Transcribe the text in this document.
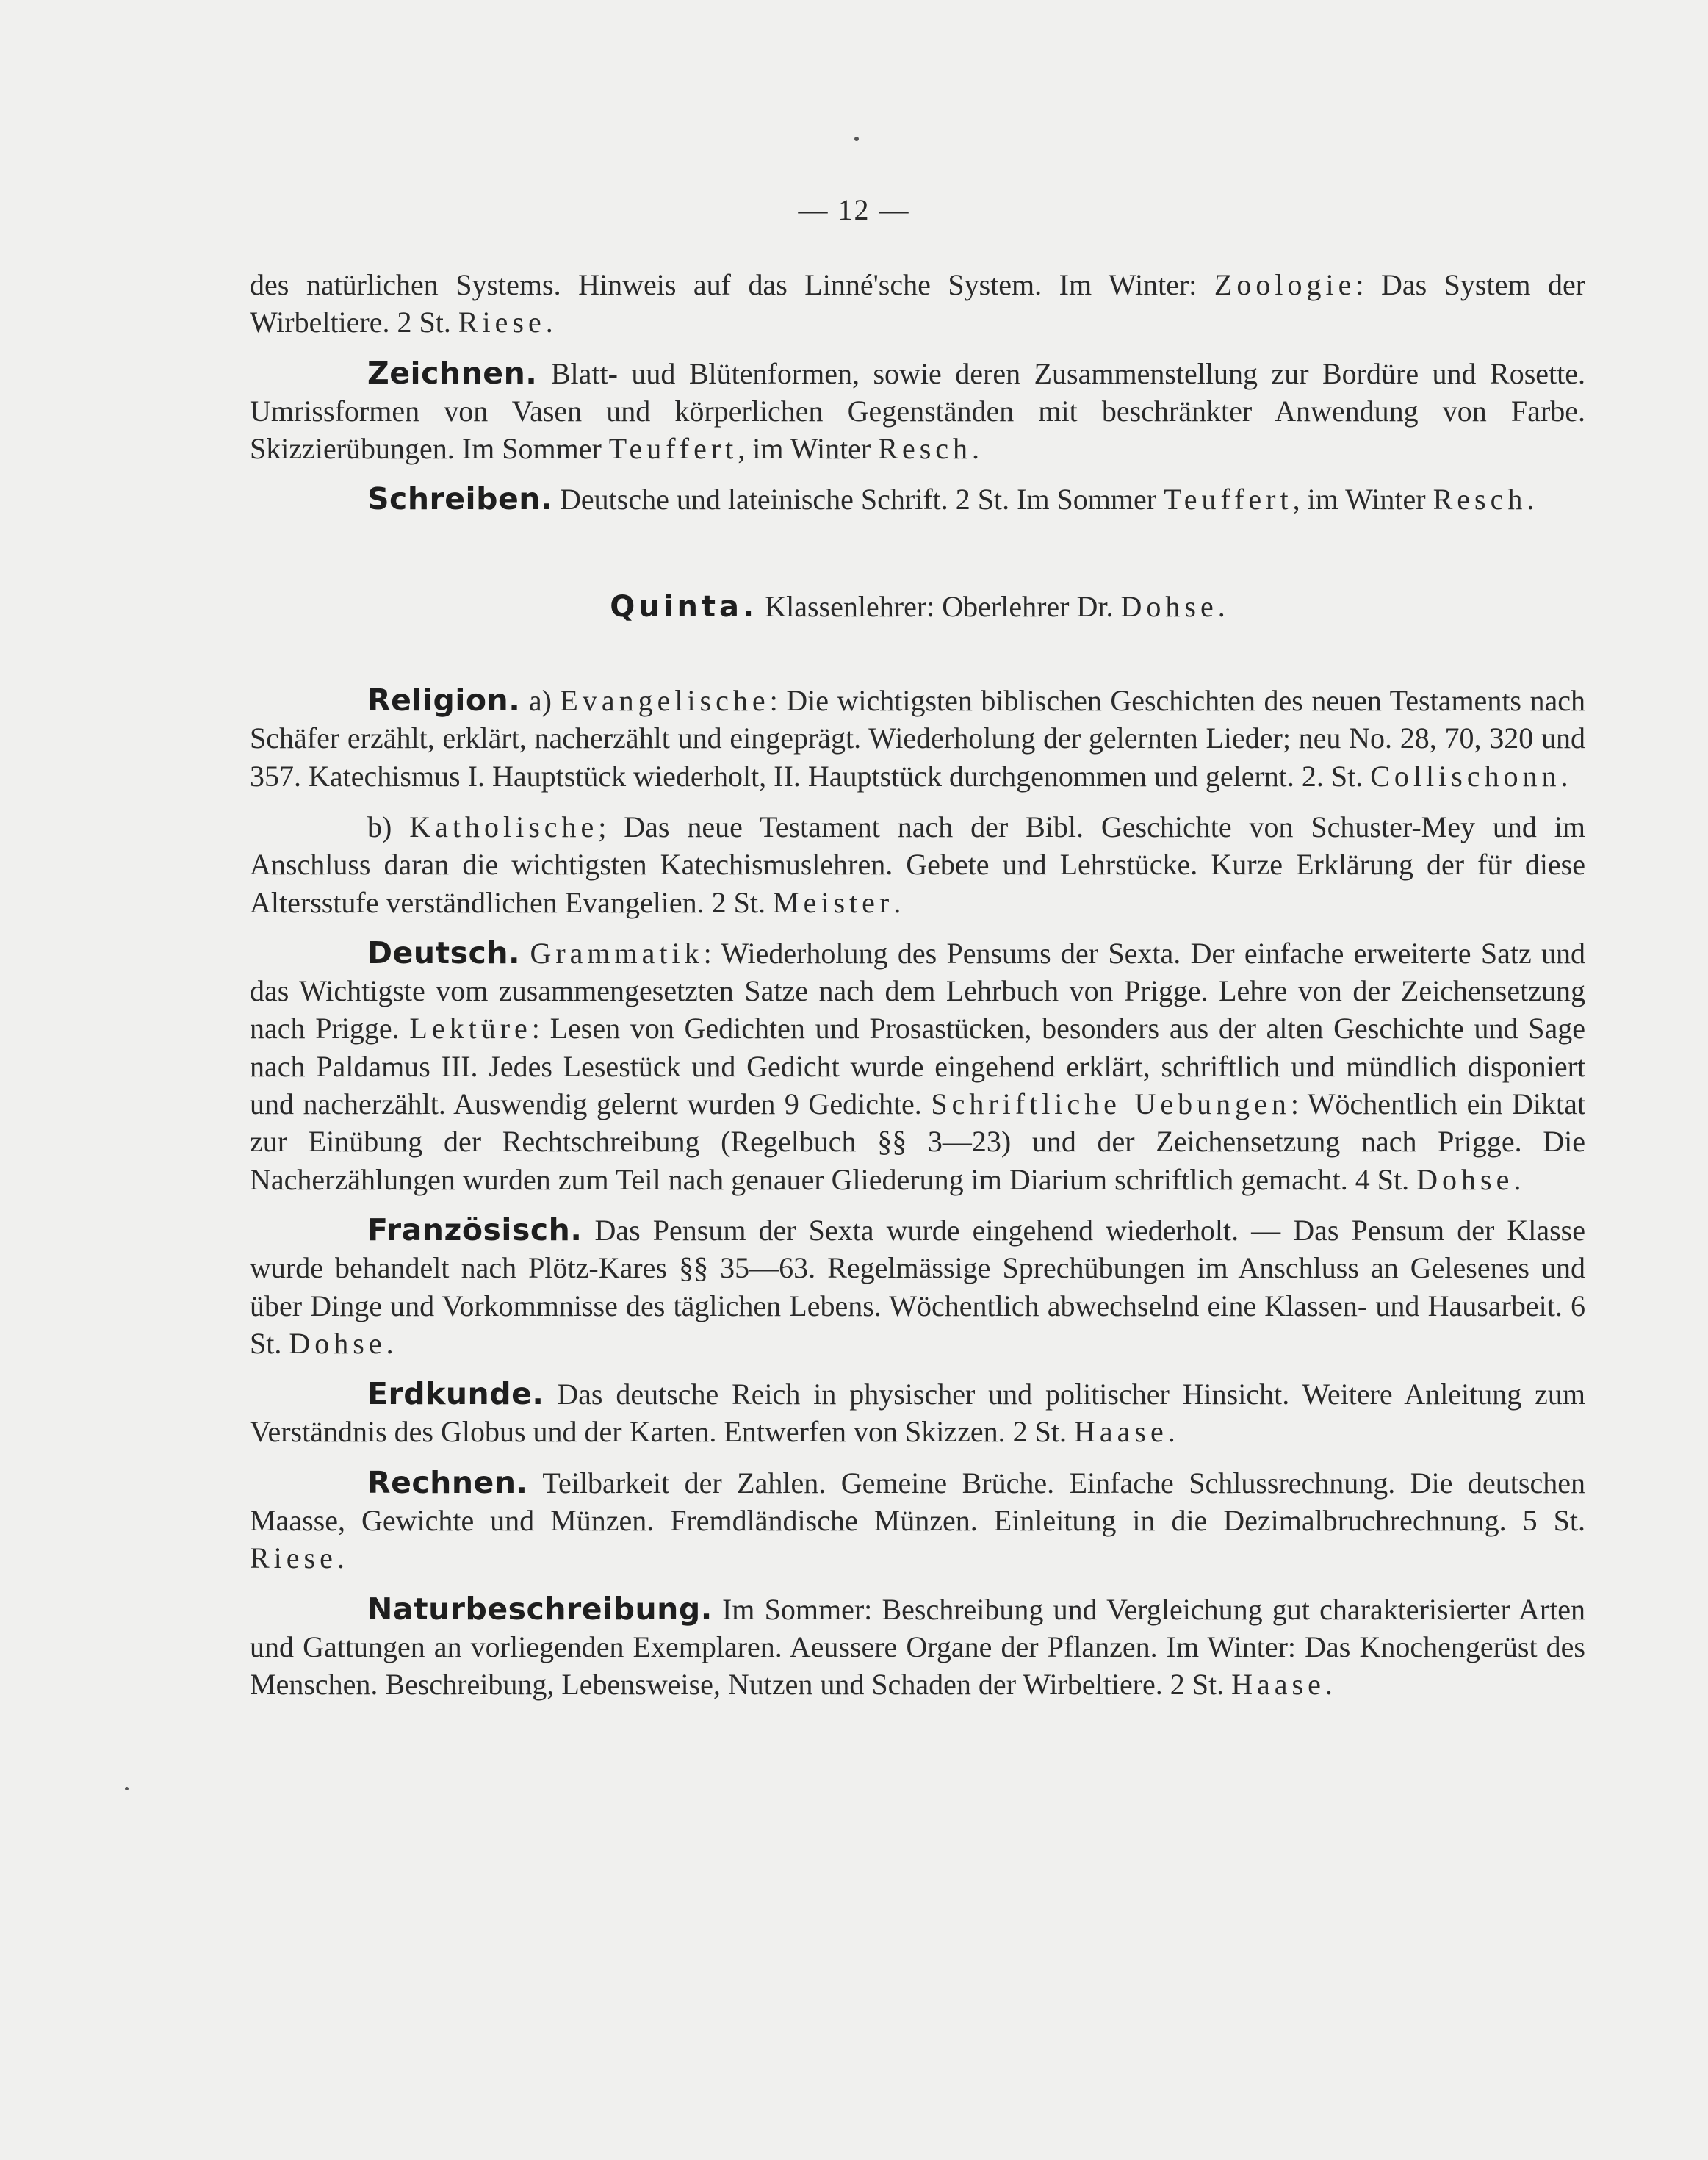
— 12 —

des natürlichen Systems. Hinweis auf das Linné'sche System. Im Winter: Zoologie: Das System der Wirbeltiere. 2 St. Riese.

Zeichnen. Blatt- uud Blütenformen, sowie deren Zusammenstellung zur Bordüre und Rosette. Umrissformen von Vasen und körperlichen Gegenständen mit beschränkter Anwendung von Farbe. Skizzierübungen. Im Sommer Teuffert, im Winter Resch.

Schreiben. Deutsche und lateinische Schrift. 2 St. Im Sommer Teuffert, im Winter Resch.

Quinta. Klassenlehrer: Oberlehrer Dr. Dohse.

Religion. a) Evangelische: Die wichtigsten biblischen Geschichten des neuen Testaments nach Schäfer erzählt, erklärt, nacherzählt und eingeprägt. Wiederholung der gelernten Lieder; neu No. 28, 70, 320 und 357. Katechismus I. Hauptstück wiederholt, II. Hauptstück durchgenommen und gelernt. 2. St. Collischonn.

b) Katholische; Das neue Testament nach der Bibl. Geschichte von Schuster-Mey und im Anschluss daran die wichtigsten Katechismuslehren. Gebete und Lehrstücke. Kurze Erklärung der für diese Altersstufe verständlichen Evangelien. 2 St. Meister.

Deutsch. Grammatik: Wiederholung des Pensums der Sexta. Der einfache erweiterte Satz und das Wichtigste vom zusammengesetzten Satze nach dem Lehrbuch von Prigge. Lehre von der Zeichensetzung nach Prigge. Lektüre: Lesen von Gedichten und Prosastücken, besonders aus der alten Geschichte und Sage nach Paldamus III. Jedes Lesestück und Gedicht wurde eingehend erklärt, schriftlich und mündlich disponiert und nacherzählt. Auswendig gelernt wurden 9 Gedichte. Schriftliche Uebungen: Wöchentlich ein Diktat zur Einübung der Rechtschreibung (Regelbuch §§ 3—23) und der Zeichensetzung nach Prigge. Die Nacherzählungen wurden zum Teil nach genauer Gliederung im Diarium schriftlich gemacht. 4 St. Dohse.

Französisch. Das Pensum der Sexta wurde eingehend wiederholt. — Das Pensum der Klasse wurde behandelt nach Plötz-Kares §§ 35—63. Regelmässige Sprechübungen im Anschluss an Gelesenes und über Dinge und Vorkommnisse des täglichen Lebens. Wöchentlich abwechselnd eine Klassen- und Hausarbeit. 6 St. Dohse.

Erdkunde. Das deutsche Reich in physischer und politischer Hinsicht. Weitere Anleitung zum Verständnis des Globus und der Karten. Entwerfen von Skizzen. 2 St. Haase.

Rechnen. Teilbarkeit der Zahlen. Gemeine Brüche. Einfache Schlussrechnung. Die deutschen Maasse, Gewichte und Münzen. Fremdländische Münzen. Einleitung in die Dezimalbruchrechnung. 5 St. Riese.

Naturbeschreibung. Im Sommer: Beschreibung und Vergleichung gut charakterisierter Arten und Gattungen an vorliegenden Exemplaren. Aeussere Organe der Pflanzen. Im Winter: Das Knochengerüst des Menschen. Beschreibung, Lebensweise, Nutzen und Schaden der Wirbeltiere. 2 St. Haase.
